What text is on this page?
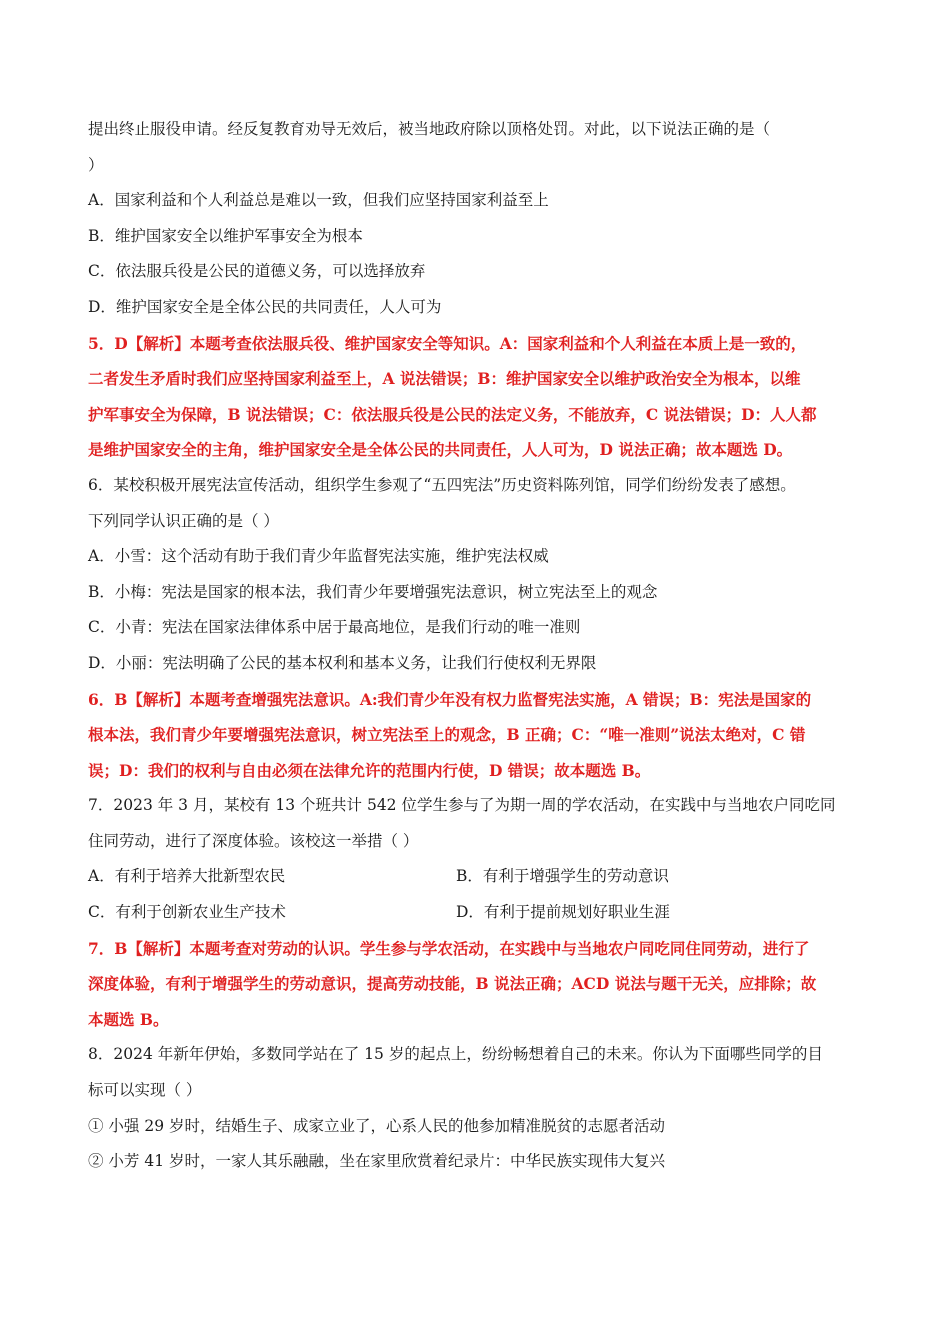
提出终止服役申请。经反复教育劝导无效后，被当地政府除以顶格处罚。对此，以下说法正确的是（
）
A．国家利益和个人利益总是难以一致，但我们应坚持国家利益至上
B．维护国家安全以维护军事安全为根本
C．依法服兵役是公民的道德义务，可以选择放弃
D．维护国家安全是全体公民的共同责任，人人可为
5．D【解析】本题考查依法服兵役、维护国家安全等知识。A：国家利益和个人利益在本质上是一致的，
二者发生矛盾时我们应坚持国家利益至上，A 说法错误；B：维护国家安全以维护政治安全为根本，以维
护军事安全为保障，B 说法错误；C：依法服兵役是公民的法定义务，不能放弃，C 说法错误；D：人人都
是维护国家安全的主角，维护国家安全是全体公民的共同责任，人人可为，D 说法正确；故本题选 D。
6．某校积极开展宪法宣传活动，组织学生参观了“五四宪法”历史资料陈列馆，同学们纷纷发表了感想。
下列同学认识正确的是（ ）
A．小雪：这个活动有助于我们青少年监督宪法实施，维护宪法权威
B．小梅：宪法是国家的根本法，我们青少年要增强宪法意识，树立宪法至上的观念
C．小青：宪法在国家法律体系中居于最高地位，是我们行动的唯一准则
D．小丽：宪法明确了公民的基本权利和基本义务，让我们行使权利无界限
6．B【解析】本题考查增强宪法意识。A:我们青少年没有权力监督宪法实施，A 错误；B：宪法是国家的
根本法，我们青少年要增强宪法意识，树立宪法至上的观念，B 正确；C：“唯一准则”说法太绝对，C 错
误；D：我们的权利与自由必须在法律允许的范围内行使，D 错误；故本题选 B。
7．2023 年 3 月，某校有 13 个班共计 542 位学生参与了为期一周的学农活动，在实践中与当地农户同吃同
住同劳动，进行了深度体验。该校这一举措（ ）
A．有利于培养大批新型农民	B．有利于增强学生的劳动意识
C．有利于创新农业生产技术	D．有利于提前规划好职业生涯
7．B【解析】本题考查对劳动的认识。学生参与学农活动，在实践中与当地农户同吃同住同劳动，进行了
深度体验，有利于增强学生的劳动意识，提高劳动技能，B 说法正确；ACD 说法与题干无关，应排除；故
本题选 B。
8．2024 年新年伊始，多数同学站在了 15 岁的起点上，纷纷畅想着自己的未来。你认为下面哪些同学的目
标可以实现（ ）
① 小强 29 岁时，结婚生子、成家立业了，心系人民的他参加精准脱贫的志愿者活动
② 小芳 41 岁时，一家人其乐融融，坐在家里欣赏着纪录片：中华民族实现伟大复兴
